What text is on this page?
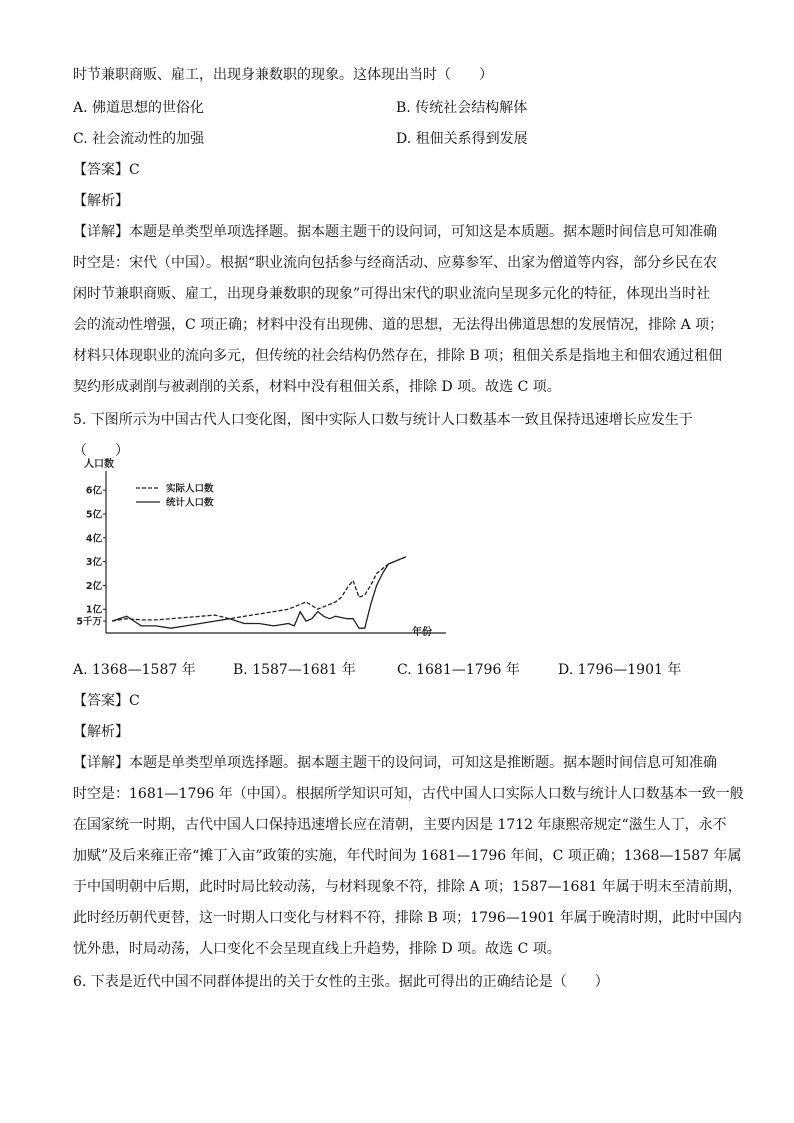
时节兼职商贩、雇工，出现身兼数职的现象。这体现出当时（　　）
A. 佛道思想的世俗化	B. 传统社会结构解体
C. 社会流动性的加强	D. 租佃关系得到发展
【答案】C
【解析】
【详解】本题是单类型单项选择题。据本题主题干的设问词，可知这是本质题。据本题时间信息可知准确
时空是：宋代（中国）。根据“职业流向包括参与经商活动、应募参军、出家为僧道等内容，部分乡民在农
闲时节兼职商贩、雇工，出现身兼数职的现象”可得出宋代的职业流向呈现多元化的特征，体现出当时社
会的流动性增强，C 项正确；材料中没有出现佛、道的思想，无法得出佛道思想的发展情况，排除 A 项；
材料只体现职业的流向多元，但传统的社会结构仍然存在，排除 B 项；租佃关系是指地主和佃农通过租佃
契约形成剥削与被剥削的关系，材料中没有租佃关系，排除 D 项。故选 C 项。
5. 下图所示为中国古代人口变化图，图中实际人口数与统计人口数基本一致且保持迅速增长应发生于
（　　）
人口数
年份
5千万
1亿
2亿
3亿
4亿
5亿
6亿	实际人口数
统计人口数
A. 1368—1587 年	B. 1587—1681 年	C. 1681—1796 年	D. 1796—1901 年
【答案】C
【解析】
【详解】本题是单类型单项选择题。据本题主题干的设问词，可知这是推断题。据本题时间信息可知准确
时空是：1681—1796 年（中国）。根据所学知识可知，古代中国人口实际人口数与统计人口数基本一致一般
在国家统一时期，古代中国人口保持迅速增长应在清朝，主要内因是 1712 年康熙帝规定“滋生人丁，永不
加赋”及后来雍正帝“摊丁入亩”政策的实施，年代时间为 1681—1796 年间，C 项正确；1368—1587 年属
于中国明朝中后期，此时时局比较动荡，与材料现象不符，排除 A 项；1587—1681 年属于明末至清前期，
此时经历朝代更替，这一时期人口变化与材料不符，排除 B 项；1796—1901 年属于晚清时期，此时中国内
忧外患，时局动荡，人口变化不会呈现直线上升趋势，排除 D 项。故选 C 项。
6. 下表是近代中国不同群体提出的关于女性的主张。据此可得出的正确结论是（　　）
